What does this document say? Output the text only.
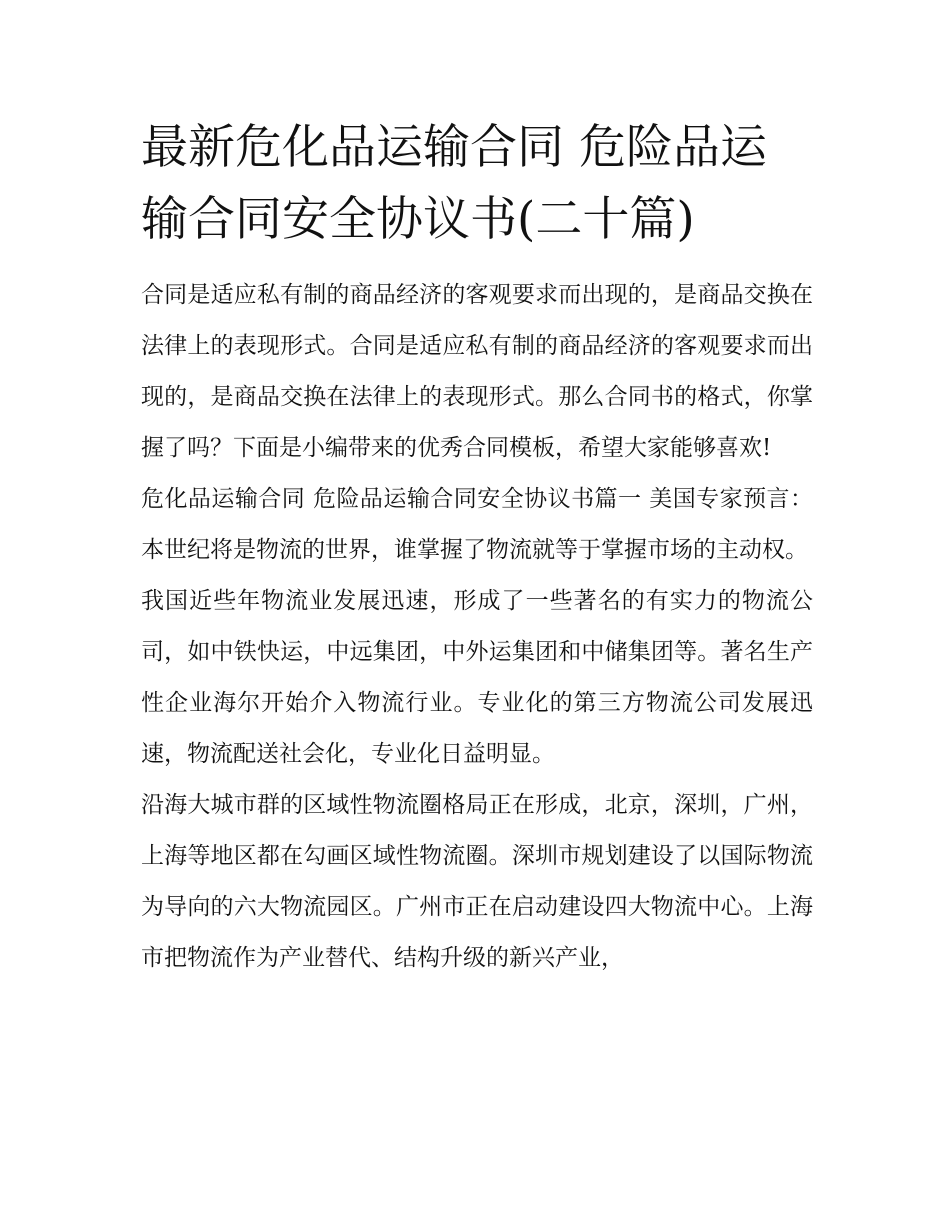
最新危化品运输合同 危险品运输合同安全协议书(二十篇)

合同是适应私有制的商品经济的客观要求而出现的，是商品交换在法律上的表现形式。合同是适应私有制的商品经济的客观要求而出现的，是商品交换在法律上的表现形式。那么合同书的格式，你掌握了吗？下面是小编带来的优秀合同模板，希望大家能够喜欢!

危化品运输合同 危险品运输合同安全协议书篇一 美国专家预言：本世纪将是物流的世界，谁掌握了物流就等于掌握市场的主动权。

我国近些年物流业发展迅速，形成了一些著名的有实力的物流公司，如中铁快运，中远集团，中外运集团和中储集团等。著名生产性企业海尔开始介入物流行业。专业化的第三方物流公司发展迅速，物流配送社会化，专业化日益明显。

沿海大城市群的区域性物流圈格局正在形成，北京，深圳，广州，上海等地区都在勾画区域性物流圈。深圳市规划建设了以国际物流为导向的六大物流园区。广州市正在启动建设四大物流中心。上海市把物流作为产业替代、结构升级的新兴产业，
